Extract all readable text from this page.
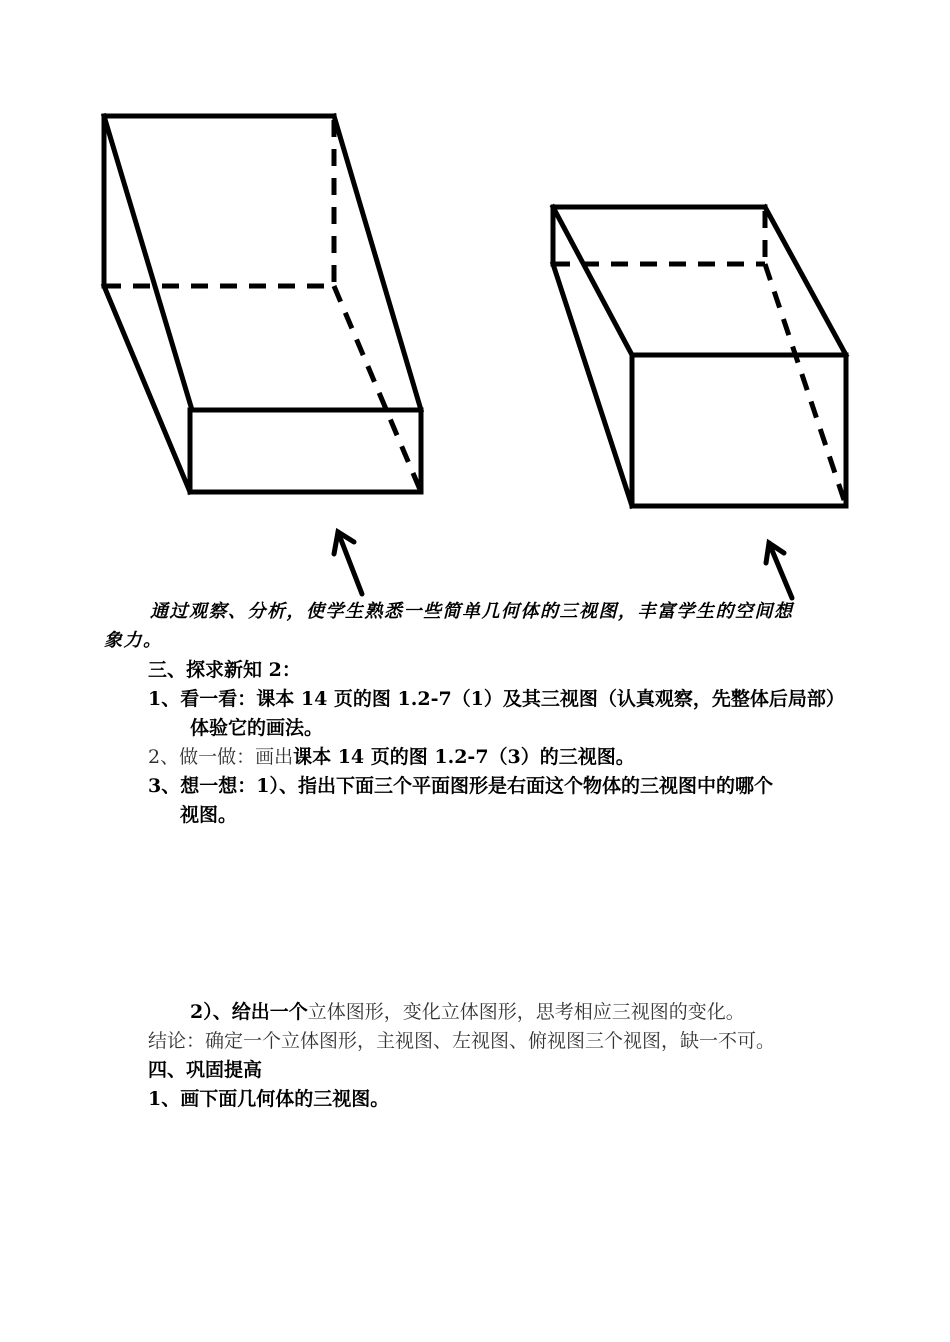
通过观察、分析，使学生熟悉一些简单几何体的三视图，丰富学生的空间想
象力。
三、探求新知 2：
1、看一看：课本 14 页的图 1.2-7（1）及其三视图（认真观察，先整体后局部）
体验它的画法。
2、做一做：画出课本 14 页的图 1.2-7（3）的三视图。
3、想一想：1）、指出下面三个平面图形是右面这个物体的三视图中的哪个
视图。
2）、给出一个立体图形，变化立体图形，思考相应三视图的变化。
结论：确定一个立体图形，主视图、左视图、俯视图三个视图，缺一不可。
四、巩固提高
1、画下面几何体的三视图。
